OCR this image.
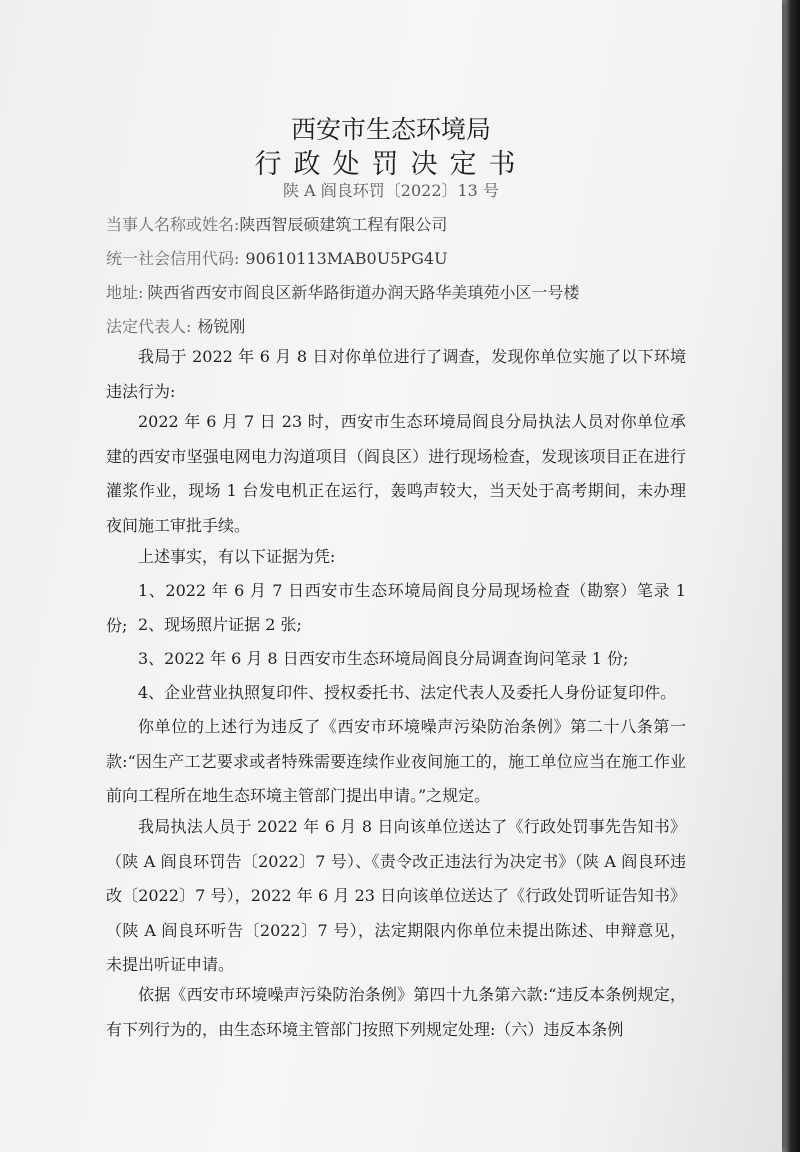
西安市生态环境局
行政处罚决定书
陕 A 阎良环罚〔2022〕13 号
当事人名称或姓名:陕西智辰硕建筑工程有限公司
统一社会信用代码: 90610113MAB0U5PG4U
地址: 陕西省西安市阎良区新华路街道办润天路华美瑱苑小区一号楼
法定代表人: 杨锐刚

我局于 2022 年 6 月 8 日对你单位进行了调查，发现你单位实施了以下环境违法行为:

2022 年 6 月 7 日 23 时，西安市生态环境局阎良分局执法人员对你单位承建的西安市坚强电网电力沟道项目（阎良区）进行现场检查，发现该项目正在进行灌浆作业，现场 1 台发电机正在运行，轰鸣声较大，当天处于高考期间，未办理夜间施工审批手续。

上述事实，有以下证据为凭:

1、2022 年 6 月 7 日西安市生态环境局阎良分局现场检查（勘察）笔录 1 份; 2、现场照片证据 2 张;

3、2022 年 6 月 8 日西安市生态环境局阎良分局调查询问笔录 1 份;

4、企业营业执照复印件、授权委托书、法定代表人及委托人身份证复印件。

你单位的上述行为违反了《西安市环境噪声污染防治条例》第二十八条第一款:“因生产工艺要求或者特殊需要连续作业夜间施工的，施工单位应当在施工作业前向工程所在地生态环境主管部门提出申请。”之规定。

我局执法人员于 2022 年 6 月 8 日向该单位送达了《行政处罚事先告知书》（陕 A 阎良环罚告〔2022〕7 号）、《责令改正违法行为决定书》（陕 A 阎良环违改〔2022〕7 号），2022 年 6 月 23 日向该单位送达了《行政处罚听证告知书》（陕 A 阎良环听告〔2022〕7 号），法定期限内你单位未提出陈述、申辩意见，未提出听证申请。

依据《西安市环境噪声污染防治条例》第四十九条第六款:“违反本条例规定，有下列行为的，由生态环境主管部门按照下列规定处理:（六）违反本条例
